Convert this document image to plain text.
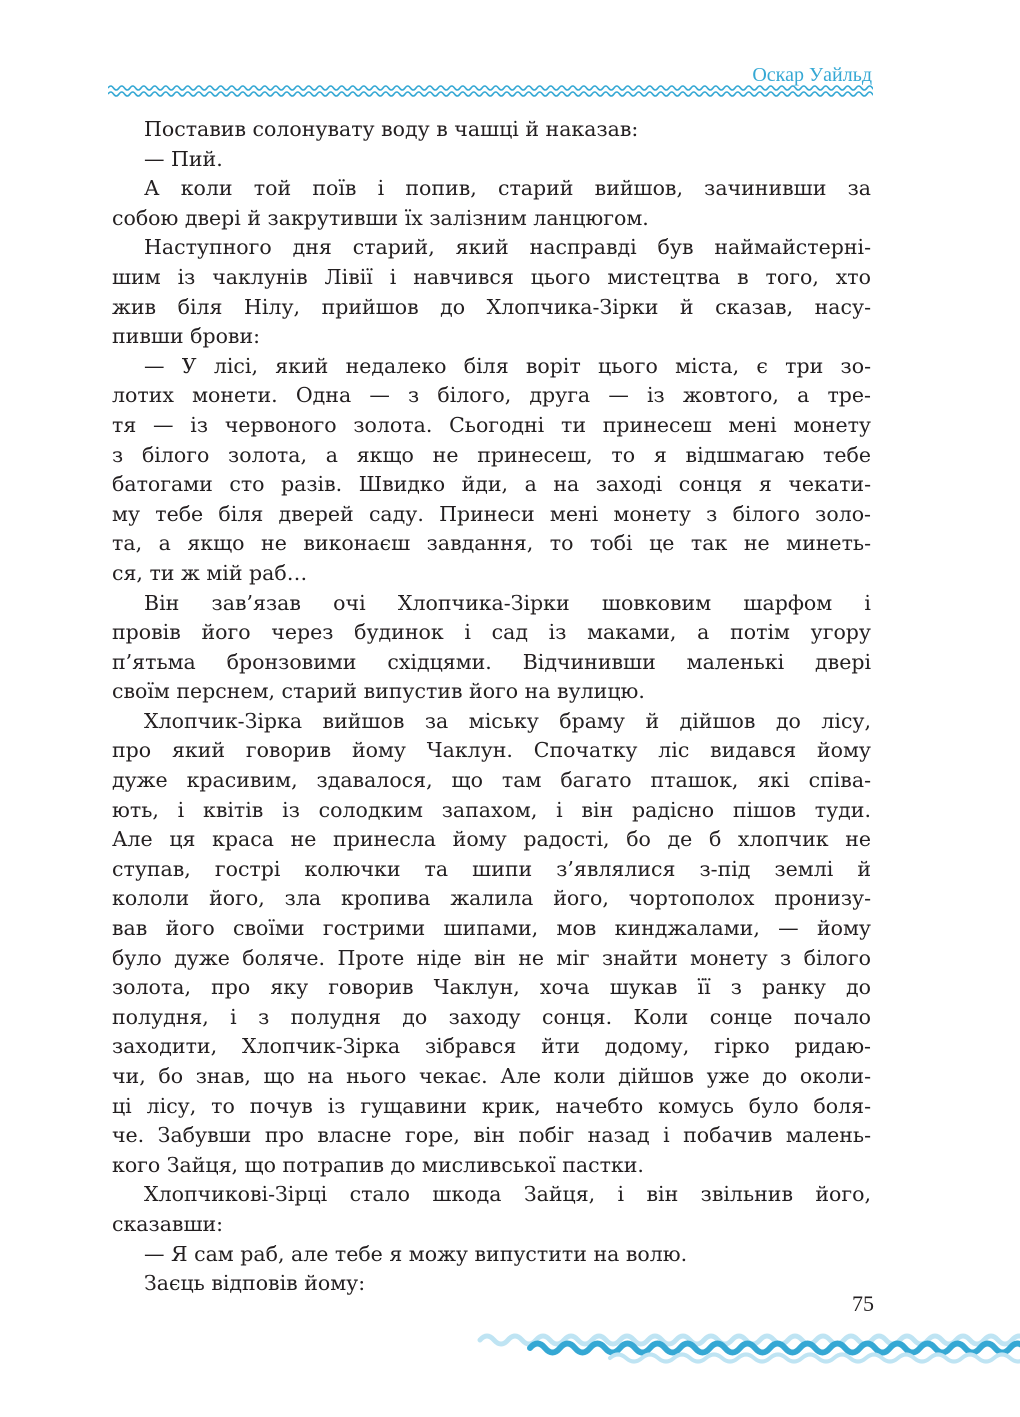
Оскар Уайльд

Поставив солонувату воду в чашці й наказав:

— Пий.

А коли той поїв і попив, старий вийшов, зачинивши за

собою двері й закрутивши їх залізним ланцюгом.

Наступного дня старий, який насправді був наймайстерні-

шим із чаклунів Лівії і навчився цього мистецтва в того, хто

жив біля Нілу, прийшов до Хлопчика-Зірки й сказав, насу-

пивши брови:

— У лісі, який недалеко біля воріт цього міста, є три зо-

лотих монети. Одна — з білого, друга — із жовтого, а тре-

тя — із червоного золота. Сьогодні ти принесеш мені монету

з білого золота, а якщо не принесеш, то я відшмагаю тебе

батогами сто разів. Швидко йди, а на заході сонця я чекати-

му тебе біля дверей саду. Принеси мені монету з білого золо-

та, а якщо не виконаєш завдання, то тобі це так не минеть-

ся, ти ж мій раб…

Він зав’язав очі Хлопчика-Зірки шовковим шарфом і

провів його через будинок і сад із маками, а потім угору

п’ятьма бронзовими східцями. Відчинивши маленькі двері

своїм перснем, старий випустив його на вулицю.

Хлопчик-Зірка вийшов за міську браму й дійшов до лісу,

про який говорив йому Чаклун. Спочатку ліс видався йому

дуже красивим, здавалося, що там багато пташок, які співа-

ють, і квітів із солодким запахом, і він радісно пішов туди.

Але ця краса не принесла йому радості, бо де б хлопчик не

ступав, гострі колючки та шипи з’являлися з-під землі й

кололи його, зла кропива жалила його, чортополох пронизу-

вав його своїми гострими шипами, мов кинджалами, — йому

було дуже боляче. Проте ніде він не міг знайти монету з білого

золота, про яку говорив Чаклун, хоча шукав її з ранку до

полудня, і з полудня до заходу сонця. Коли сонце почало

заходити, Хлопчик-Зірка зібрався йти додому, гірко ридаю-

чи, бо знав, що на нього чекає. Але коли дійшов уже до околи-

ці лісу, то почув із гущавини крик, начебто комусь було боля-

че. Забувши про власне горе, він побіг назад і побачив малень-

кого Зайця, що потрапив до мисливської пастки.

Хлопчикові-Зірці стало шкода Зайця, і він звільнив його,

сказавши:

— Я сам раб, але тебе я можу випустити на волю.

Заєць відповів йому:

75
